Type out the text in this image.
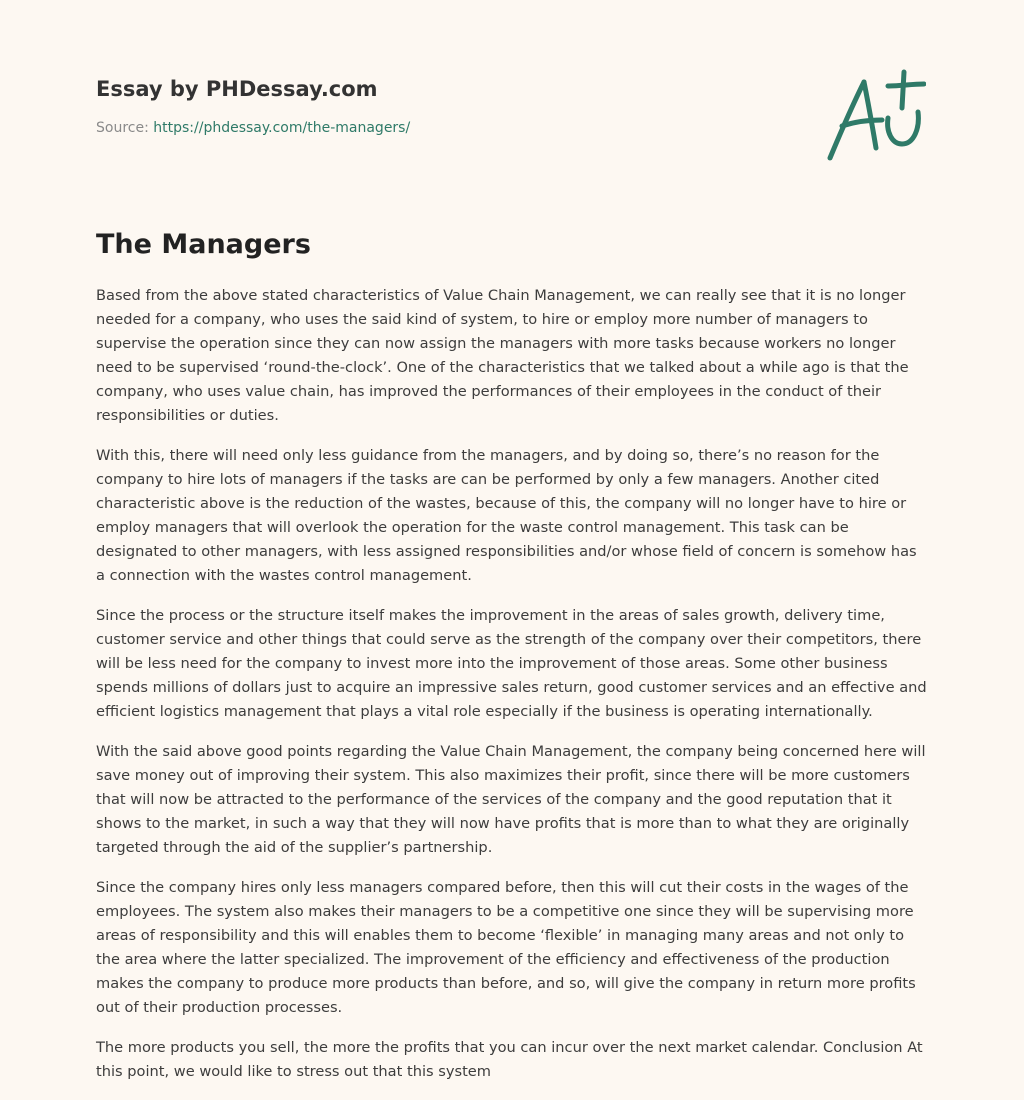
Essay by PHDessay.com
Source: https://phdessay.com/the-managers/
The Managers

Based from the above stated characteristics of Value Chain Management, we can really see that it is no longer needed for a company, who uses the said kind of system, to hire or employ more number of managers to supervise the operation since they can now assign the managers with more tasks because workers no longer need to be supervised ‘round-the-clock’. One of the characteristics that we talked about a while ago is that the company, who uses value chain, has improved the performances of their employees in the conduct of their responsibilities or duties.

With this, there will need only less guidance from the managers, and by doing so, there’s no reason for the company to hire lots of managers if the tasks are can be performed by only a few managers. Another cited characteristic above is the reduction of the wastes, because of this, the company will no longer have to hire or employ managers that will overlook the operation for the waste control management. This task can be designated to other managers, with less assigned responsibilities and/or whose field of concern is somehow has a connection with the wastes control management.

Since the process or the structure itself makes the improvement in the areas of sales growth, delivery time, customer service and other things that could serve as the strength of the company over their competitors, there will be less need for the company to invest more into the improvement of those areas. Some other business spends millions of dollars just to acquire an impressive sales return, good customer services and an effective and efficient logistics management that plays a vital role especially if the business is operating internationally.

With the said above good points regarding the Value Chain Management, the company being concerned here will save money out of improving their system. This also maximizes their profit, since there will be more customers that will now be attracted to the performance of the services of the company and the good reputation that it shows to the market, in such a way that they will now have profits that is more than to what they are originally targeted through the aid of the supplier’s partnership.

Since the company hires only less managers compared before, then this will cut their costs in the wages of the employees. The system also makes their managers to be a competitive one since they will be supervising more areas of responsibility and this will enables them to become ‘flexible’ in managing many areas and not only to the area where the latter specialized. The improvement of the efficiency and effectiveness of the production makes the company to produce more products than before, and so, will give the company in return more profits out of their production processes.

The more products you sell, the more the profits that you can incur over the next market calendar. Conclusion At this point, we would like to stress out that this system
